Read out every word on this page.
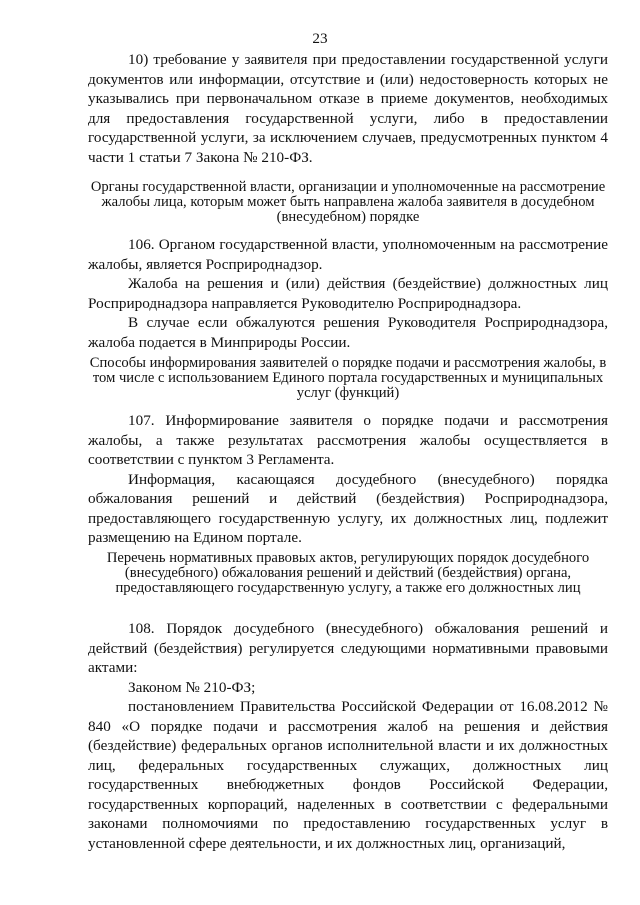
23

10) требование у заявителя при предоставлении государственной услуги документов или информации, отсутствие и (или) недостоверность которых не указывались при первоначальном отказе в приеме документов, необходимых для предоставления государственной услуги, либо в предоставлении государственной услуги, за исключением случаев, предусмотренных пунктом 4 части 1 статьи 7 Закона № 210-ФЗ.

Органы государственной власти, организации и уполномоченные на рассмотрение жалобы лица, которым может быть направлена жалоба заявителя в досудебном (внесудебном) порядке

106. Органом государственной власти, уполномоченным на рассмотрение жалобы, является Росприроднадзор.

Жалоба на решения и (или) действия (бездействие) должностных лиц Росприроднадзора направляется Руководителю Росприроднадзора.

В случае если обжалуются решения Руководителя Росприроднадзора, жалоба подается в Минприроды России.

Способы информирования заявителей о порядке подачи и рассмотрения жалобы, в том числе с использованием Единого портала государственных и муниципальных услуг (функций)

107. Информирование заявителя о порядке подачи и рассмотрения жалобы, а также результатах рассмотрения жалобы осуществляется в соответствии с пунктом 3 Регламента.

Информация, касающаяся досудебного (внесудебного) порядка обжалования решений и действий (бездействия) Росприроднадзора, предоставляющего государственную услугу, их должностных лиц, подлежит размещению на Едином портале.

Перечень нормативных правовых актов, регулирующих порядок досудебного (внесудебного) обжалования решений и действий (бездействия) органа, предоставляющего государственную услугу, а также его должностных лиц

108. Порядок досудебного (внесудебного) обжалования решений и действий (бездействия) регулируется следующими нормативными правовыми актами:

Законом № 210-ФЗ;

постановлением Правительства Российской Федерации от 16.08.2012 № 840 «О порядке подачи и рассмотрения жалоб на решения и действия (бездействие) федеральных органов исполнительной власти и их должностных лиц, федеральных государственных служащих, должностных лиц государственных внебюджетных фондов Российской Федерации, государственных корпораций, наделенных в соответствии с федеральными законами полномочиями по предоставлению государственных услуг в установленной сфере деятельности, и их должностных лиц, организаций,
